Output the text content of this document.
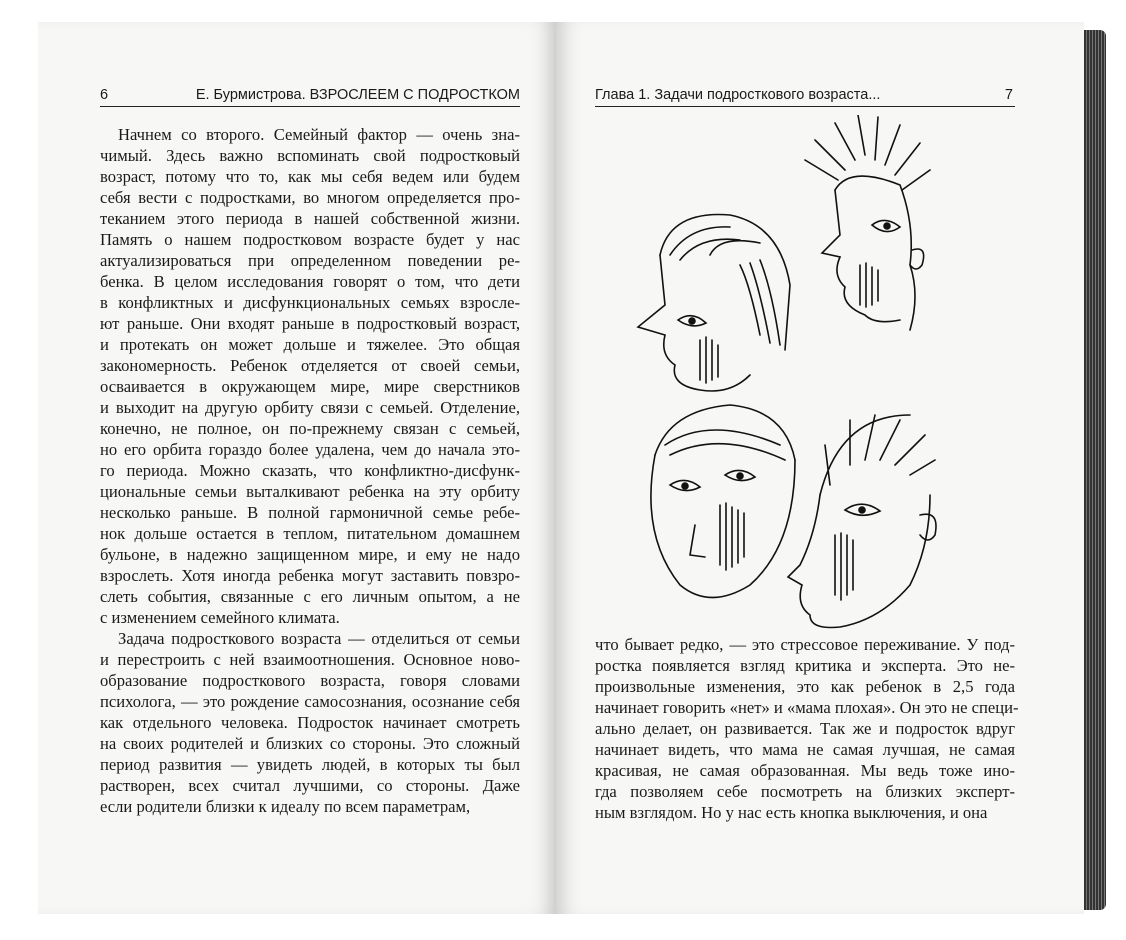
6	Е. Бурмистрова. ВЗРОСЛЕЕМ С ПОДРОСТКОМ	Глава 1. Задачи подросткового возраста...	7
Начнем со второго. Семейный фактор — очень зна-
чимый. Здесь важно вспоминать свой подростковый
возраст, потому что то, как мы себя ведем или будем
себя вести с подростками, во многом определяется про-
теканием этого периода в нашей собственной жизни.
Память о нашем подростковом возрасте будет у нас
актуализироваться при определенном поведении ре-
бенка. В целом исследования говорят о том, что дети
в конфликтных и дисфункциональных семьях взросле-
ют раньше. Они входят раньше в подростковый возраст,
и протекать он может дольше и тяжелее. Это общая
закономерность. Ребенок отделяется от своей семьи,
осваивается в окружающем мире, мире сверстников
и выходит на другую орбиту связи с семьей. Отделение,
конечно, не полное, он по-прежнему связан с семьей,
но его орбита гораздо более удалена, чем до начала это-
го периода. Можно сказать, что конфликтно-дисфунк-
циональные семьи выталкивают ребенка на эту орбиту
несколько раньше. В полной гармоничной семье ребе-
нок дольше остается в теплом, питательном домашнем
бульоне, в надежно защищенном мире, и ему не надо
взрослеть. Хотя иногда ребенка могут заставить повзро-
слеть события, связанные с его личным опытом, а не
с изменением семейного климата.
Задача подросткового возраста — отделиться от семьи
и перестроить с ней взаимоотношения. Основное ново-
образование подросткового возраста, говоря словами
психолога, — это рождение самосознания, осознание себя
как отдельного человека. Подросток начинает смотреть
на своих родителей и близких со стороны. Это сложный
период развития — увидеть людей, в которых ты был
растворен, всех считал лучшими, со стороны. Даже
если родители близки к идеалу по всем параметрам,
что бывает редко, — это стрессовое переживание. У под-
ростка появляется взгляд критика и эксперта. Это не-
произвольные изменения, это как ребенок в 2,5 года
начинает говорить «нет» и «мама плохая». Он это не специ-
ально делает, он развивается. Так же и подросток вдруг
начинает видеть, что мама не самая лучшая, не самая
красивая, не самая образованная. Мы ведь тоже ино-
гда позволяем себе посмотреть на близких эксперт-
ным взглядом. Но у нас есть кнопка выключения, и она
